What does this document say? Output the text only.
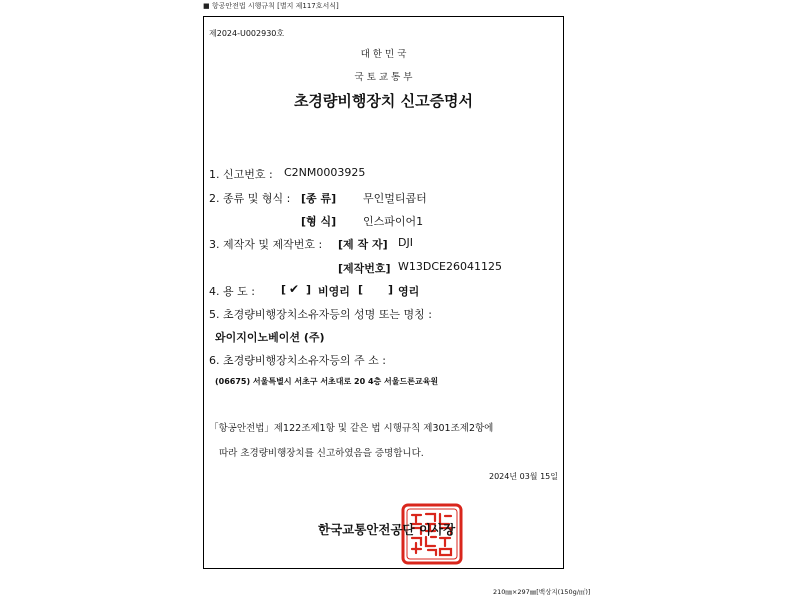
■ 항공안전법 시행규칙 [별지 제117호서식]
제2024-U002930호
대 한 민 국
국 토 교 통 부
초경량비행장치 신고증명서
1. 신고번호 : C2NM0003925
2. 종류 및 형식 : [종 류] 무인멀티콥터
[형 식] 인스파이어1
3. 제작자 및 제작번호 : [제 작 자] DJI
[제작번호] W13DCE26041125
4. 용 도 : [ ✔ ] 비영리 [ ] 영리
5. 초경량비행장치소유자등의 성명 또는 명칭 :
와이지이노베이션 (주)
6. 초경량비행장치소유자등의 주 소 :
(06675) 서울특별시 서초구 서초대로 20 4층 서울드론교육원
「항공안전법」제122조제1항 및 같은 법 시행규칙 제301조제2항에
따라 초경량비행장치를 신고하였음을 증명합니다.
2024년 03월 15일
한국교통안전공단 이사장
210㎜×297㎜[백상지(150g/㎡)]
